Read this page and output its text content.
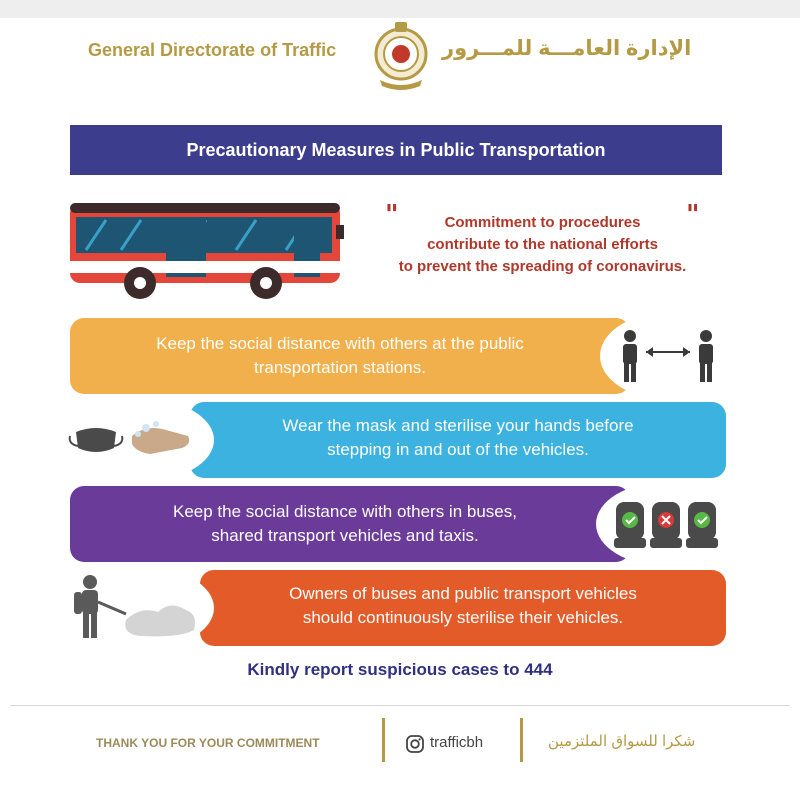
General Directorate of Traffic	الإدارة العامـــة للمـــرور
Precautionary Measures in Public Transportation
"	"
Commitment to procedures
contribute to the national efforts
to prevent the spreading of coronavirus.
Keep the social distance with others at the public
transportation stations.
Wear the mask and sterilise your hands before
stepping in and out of the vehicles.
Keep the social distance with others in buses,
shared transport vehicles and taxis.
Owners of buses and public transport vehicles
should continuously sterilise their vehicles.
Kindly report suspicious cases to 444
THANK YOU FOR YOUR COMMITMENT	trafficbh	شكرا للسواق الملتزمين
